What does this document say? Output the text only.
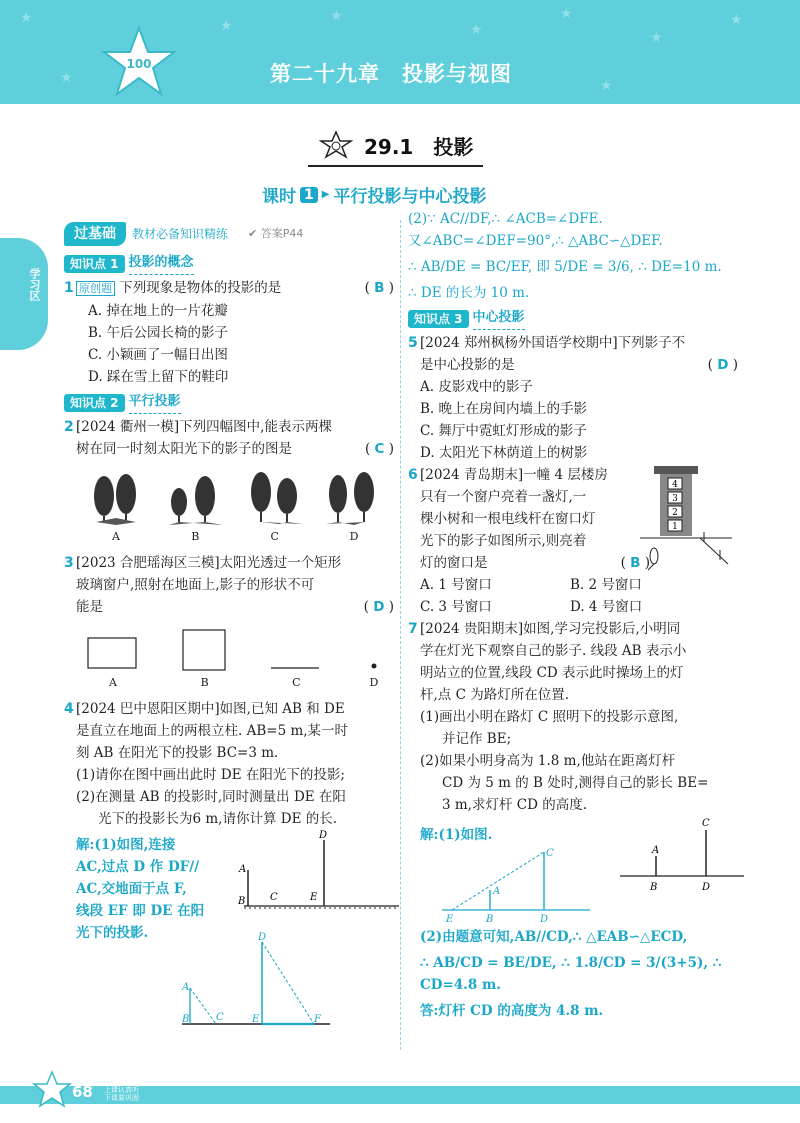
★	★
★
★
★
★
★
★	★
100	第二十九章　投影与视图
29.1　投影
课时 1 ▶ 平行投影与中心投影
学习区
过基础	教材必备知识精练 ✔ 答案P44
知识点 1 投影的概念
1 原创题 下列现象是物体的投影的是	( B )
A. 掉在地上的一片花瓣
B. 午后公园长椅的影子
C. 小颖画了一幅日出图
D. 踩在雪上留下的鞋印
知识点 2 平行投影
2 [2024 衢州一模]下列四幅图中,能表示两棵
树在同一时刻太阳光下的影子的图是	( C )
A	B	C	D
3 [2023 合肥瑶海区三模]太阳光透过一个矩形
玻璃窗户,照射在地面上,影子的形状不可
能是	( D )
A	B	C	D
4 [2024 巴中恩阳区期中]如图,已知 AB 和 DE
是直立在地面上的两根立柱. AB=5 m,某一时
刻 AB 在阳光下的投影 BC=3 m.
(1)请你在图中画出此时 DE 在阳光下的投影;
(2)在测量 AB 的投影时,同时测量出 DE 在阳
光下的投影长为6 m,请你计算 DE 的长.
解:(1)如图,连接
AC,过点 D 作 DF//
AC,交地面于点 F,
线段 EF 即 DE 在阳
光下的投影.
A
B C	E
D
A
B	C	E	F
D
(2)∵ AC//DF,∴ ∠ACB=∠DFE.
又∠ABC=∠DEF=90°,∴ △ABC∽△DEF.
∴ AB/DE = BC/EF, 即 5/DE = 3/6, ∴ DE=10 m.
∴ DE 的长为 10 m.
知识点 3 中心投影
5 [2024 郑州枫杨外国语学校期中]下列影子不
是中心投影的是	( D )
A. 皮影戏中的影子
B. 晚上在房间内墙上的手影
C. 舞厅中霓虹灯形成的影子
D. 太阳光下林荫道上的树影
6 [2024 青岛期末]一幢 4 层楼房
只有一个窗户亮着一盏灯,一
棵小树和一根电线杆在窗口灯
光下的影子如图所示,则亮着
灯的窗口是	( B )
4
3
2
1
A. 1 号窗口	B. 2 号窗口
C. 3 号窗口	D. 4 号窗口
7 [2024 贵阳期末]如图,学习完投影后,小明同
学在灯光下观察自己的影子. 线段 AB 表示小
明站立的位置,线段 CD 表示此时操场上的灯
杆,点 C 为路灯所在位置.
(1)画出小明在路灯 C 照明下的投影示意图,
并记作 BE;
(2)如果小明身高为 1.8 m,他站在距离灯杆
CD 为 5 m 的 B 处时,测得自己的影长 BE=
3 m,求灯杆 CD 的高度.
解:(1)如图.
C
A
E	B	D
C
A
B	D
(2)由题意可知,AB//CD,∴ △EAB∽△ECD,
∴ AB/CD = BE/DE, ∴ 1.8/CD = 3/(3+5), ∴ CD=4.8 m.
答:灯杆 CD 的高度为 4.8 m.
68 上课认真听
下课要巩固
